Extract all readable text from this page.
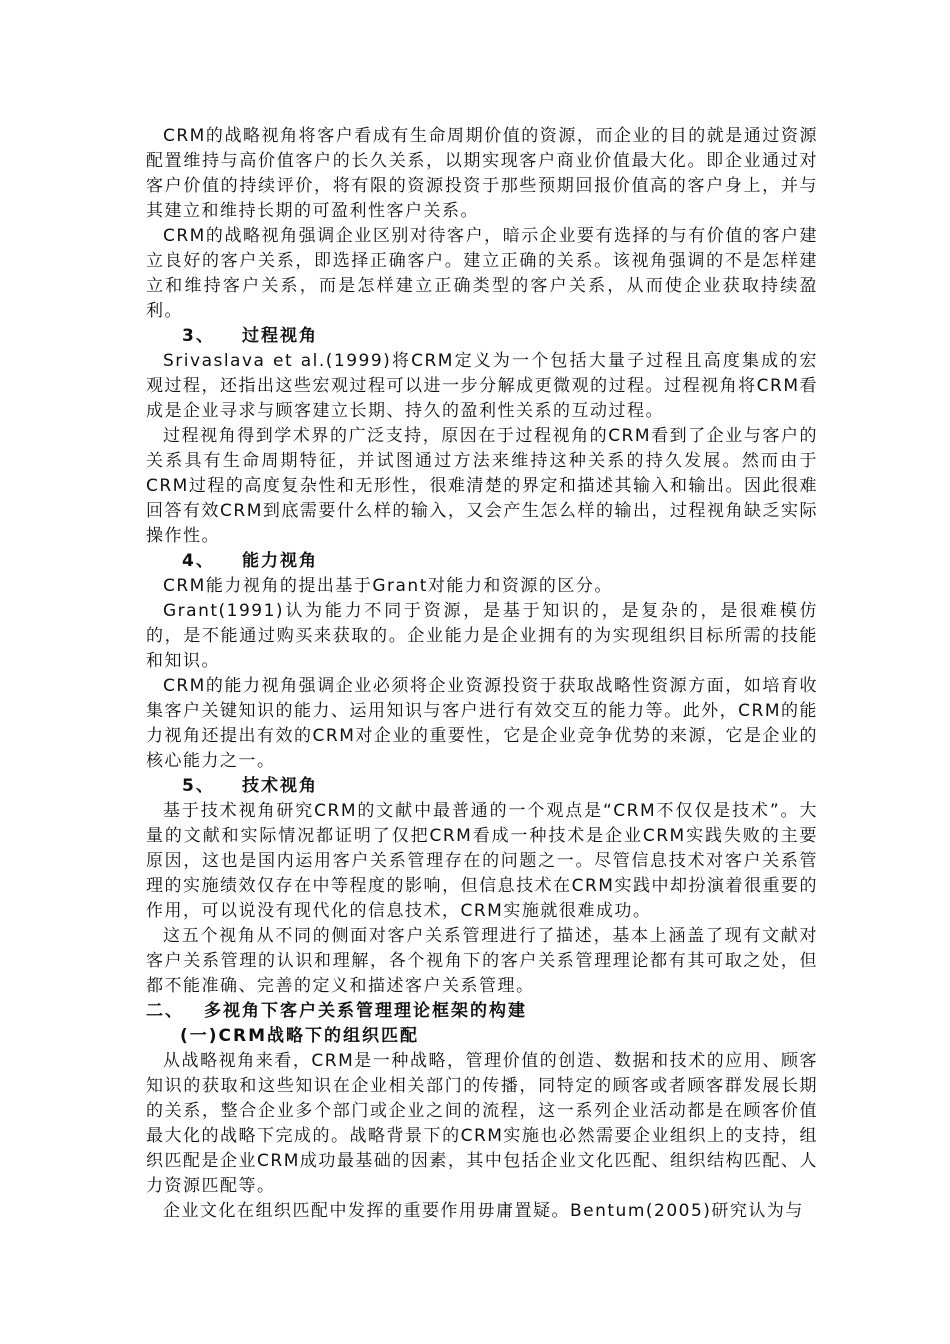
CRM的战略视角将客户看成有生命周期价值的资源，而企业的目的就是通过资源配置维持与高价值客户的长久关系，以期实现客户商业价值最大化。即企业通过对客户价值的持续评价，将有限的资源投资于那些预期回报价值高的客户身上，并与其建立和维持长期的可盈利性客户关系。

CRM的战略视角强调企业区别对待客户，暗示企业要有选择的与有价值的客户建立良好的客户关系，即选择正确客户。建立正确的关系。该视角强调的不是怎样建立和维持客户关系，而是怎样建立正确类型的客户关系，从而使企业获取持续盈利。

3、 过程视角

Srivaslava et al.(1999)将CRM定义为一个包括大量子过程且高度集成的宏观过程，还指出这些宏观过程可以进一步分解成更微观的过程。过程视角将CRM看成是企业寻求与顾客建立长期、持久的盈利性关系的互动过程。

过程视角得到学术界的广泛支持，原因在于过程视角的CRM看到了企业与客户的关系具有生命周期特征，并试图通过方法来维持这种关系的持久发展。然而由于CRM过程的高度复杂性和无形性，很难清楚的界定和描述其输入和输出。因此很难回答有效CRM到底需要什么样的输入，又会产生怎么样的输出，过程视角缺乏实际操作性。

4、 能力视角

CRM能力视角的提出基于Grant对能力和资源的区分。

Grant(1991)认为能力不同于资源，是基于知识的，是复杂的，是很难模仿的，是不能通过购买来获取的。企业能力是企业拥有的为实现组织目标所需的技能和知识。

CRM的能力视角强调企业必须将企业资源投资于获取战略性资源方面，如培育收集客户关键知识的能力、运用知识与客户进行有效交互的能力等。此外，CRM的能力视角还提出有效的CRM对企业的重要性，它是企业竞争优势的来源，它是企业的核心能力之一。

5、 技术视角

基于技术视角研究CRM的文献中最普通的一个观点是“CRM不仅仅是技术”。大量的文献和实际情况都证明了仅把CRM看成一种技术是企业CRM实践失败的主要原因，这也是国内运用客户关系管理存在的问题之一。尽管信息技术对客户关系管理的实施绩效仅存在中等程度的影响，但信息技术在CRM实践中却扮演着很重要的作用，可以说没有现代化的信息技术，CRM实施就很难成功。

这五个视角从不同的侧面对客户关系管理进行了描述，基本上涵盖了现有文献对客户关系管理的认识和理解，各个视角下的客户关系管理理论都有其可取之处，但都不能准确、完善的定义和描述客户关系管理。

二、 多视角下客户关系管理理论框架的构建
(一)CRM战略下的组织匹配

从战略视角来看，CRM是一种战略，管理价值的创造、数据和技术的应用、顾客知识的获取和这些知识在企业相关部门的传播，同特定的顾客或者顾客群发展长期的关系，整合企业多个部门或企业之间的流程，这一系列企业活动都是在顾客价值最大化的战略下完成的。战略背景下的CRM实施也必然需要企业组织上的支持，组织匹配是企业CRM成功最基础的因素，其中包括企业文化匹配、组织结构匹配、人力资源匹配等。

企业文化在组织匹配中发挥的重要作用毋庸置疑。Bentum(2005)研究认为与
